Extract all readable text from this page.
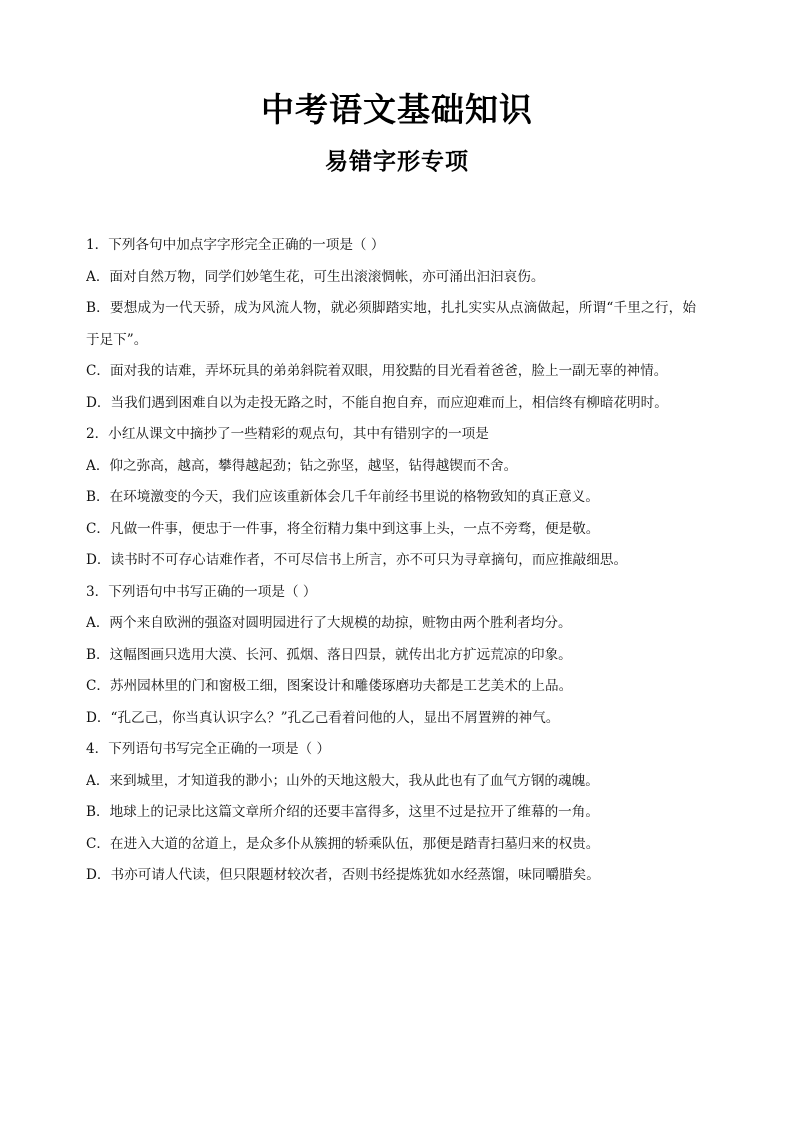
中考语文基础知识
易错字形专项
1．下列各句中加点字字形完全正确的一项是（ ）
A．面对自然万物，同学们妙笔生花，可生出滚滚惆帐，亦可涌出汩汩哀伤。
B．要想成为一代天骄，成为风流人物，就必须脚踏实地，扎扎实实从点滴做起，所谓“千里之行，始于足下”。
C．面对我的诘难，弄坏玩具的弟弟斜院着双眼，用狡黠的目光看着爸爸，脸上一副无辜的神情。
D．当我们遇到困难自以为走投无路之时，不能自抱自弃，而应迎难而上，相信终有柳暗花明时。
2．小红从课文中摘抄了一些精彩的观点句，其中有错别字的一项是
A．仰之弥高，越高，攀得越起劲；钻之弥坚，越坚，钻得越锲而不舍。
B．在环境激变的今天，我们应该重新体会几千年前经书里说的格物致知的真正意义。
C．凡做一件事，便忠于一件事，将全衍精力集中到这事上头，一点不旁骛，便是敬。
D．读书时不可存心诘难作者，不可尽信书上所言，亦不可只为寻章摘句，而应推敲细思。
3．下列语句中书写正确的一项是（ ）
A．两个来自欧洲的强盗对圆明园进行了大规模的劫掠，赃物由两个胜利者均分。
B．这幅图画只选用大漠、长河、孤烟、落日四景，就传出北方扩远荒凉的印象。
C．苏州园林里的门和窗极工细，图案设计和雕偻琢磨功夫都是工艺美术的上品。
D．“孔乙己，你当真认识字么？”孔乙己看着问他的人，显出不屑置辨的神气。
4．下列语句书写完全正确的一项是（ ）
A．来到城里，才知道我的渺小；山外的天地这般大，我从此也有了血气方钢的魂魄。
B．地球上的记录比这篇文章所介绍的还要丰富得多，这里不过是拉开了维幕的一角。
C．在进入大道的岔道上，是众多仆从簇拥的轿乘队伍，那便是踏青扫墓归来的权贵。
D．书亦可请人代读，但只限题材较次者，否则书经提炼犹如水经蒸馏，味同嚼腊矣。
